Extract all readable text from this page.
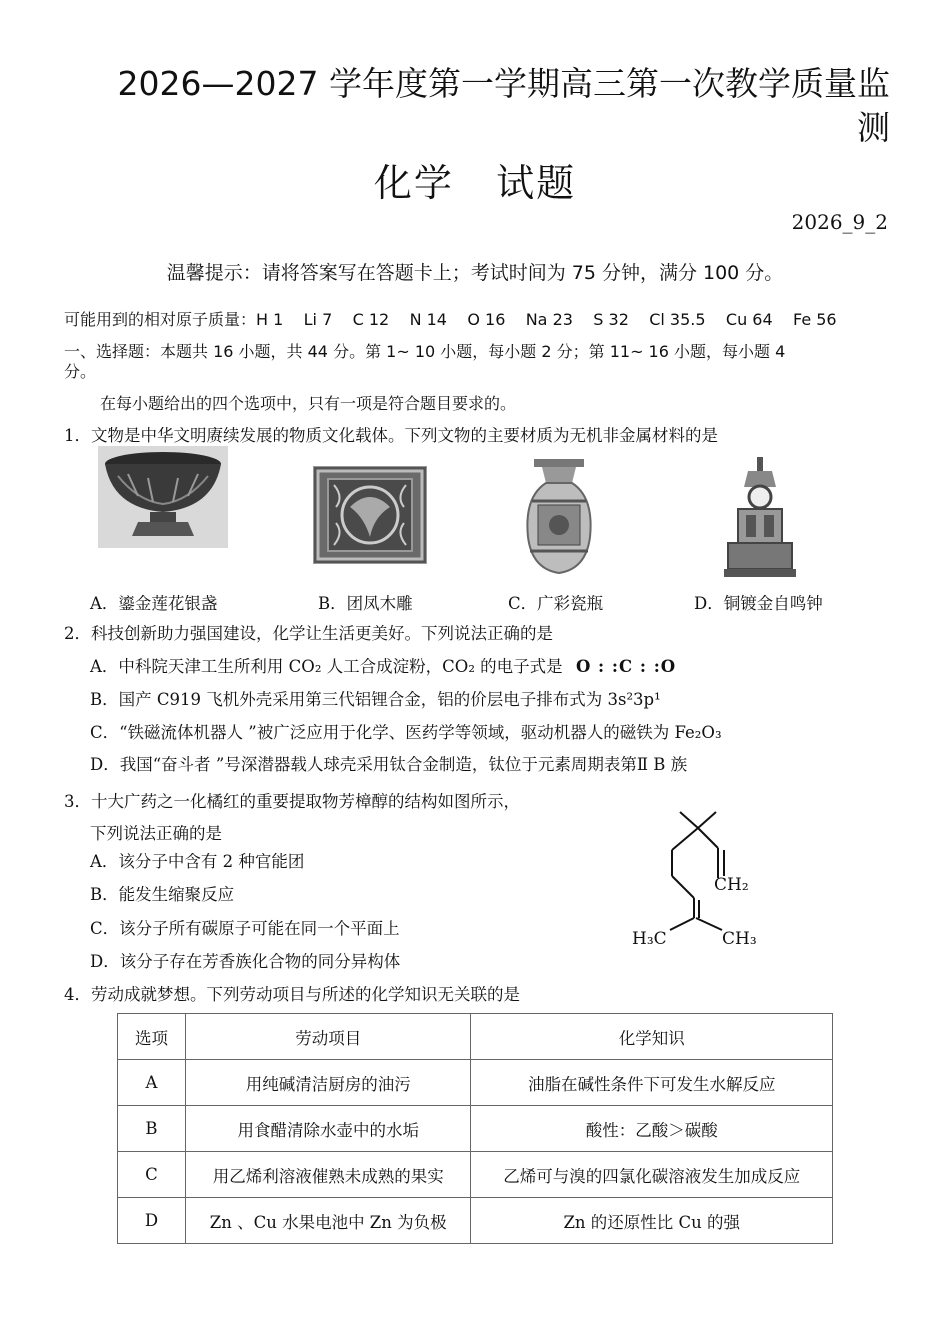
2026—2027 学年度第一学期高三第一次教学质量监
测
化学   试题
2026_9_2
温馨提示：请将答案写在答题卡上；考试时间为 75 分钟，满分 100 分。
可能用到的相对原子质量：H 1    Li 7    C 12    N 14    O 16    Na 23    S 32    Cl 35.5    Cu 64    Fe 56
一、选择题：本题共 16 小题，共 44 分。第 1~ 10 小题，每小题 2 分；第 11~ 16 小题，每小题 4
分。
在每小题给出的四个选项中，只有一项是符合题目要求的。
1．文物是中华文明赓续发展的物质文化载体。下列文物的主要材质为无机非金属材料的是
A．鎏金莲花银盏	B．团凤木雕	C．广彩瓷瓶	D．铜镀金自鸣钟
2．科技创新助力强国建设，化学让生活更美好。下列说法正确的是
A．中科院天津工生所利用 CO₂ 人工合成淀粉，CO₂ 的电子式是 O : :C : :O
B．国产 C919 飞机外壳采用第三代铝锂合金，铝的价层电子排布式为 3s²3p¹
C．“铁磁流体机器人 ”被广泛应用于化学、医药学等领域，驱动机器人的磁铁为 Fe₂O₃
D．我国“奋斗者 ”号深潜器载人球壳采用钛合金制造，钛位于元素周期表第Ⅱ B 族
3．十大广药之一化橘红的重要提取物芳樟醇的结构如图所示，
下列说法正确的是
A．该分子中含有 2 种官能团
B．能发生缩聚反应
C．该分子所有碳原子可能在同一个平面上
D．该分子存在芳香族化合物的同分异构体
CH₂
H₃C	CH₃
4．劳动成就梦想。下列劳动项目与所述的化学知识无关联的是
选项	劳动项目	化学知识
A	用纯碱清洁厨房的油污	油脂在碱性条件下可发生水解反应
B	用食醋清除水壶中的水垢	酸性：乙酸＞碳酸
C	用乙烯利溶液催熟未成熟的果实	乙烯可与溴的四氯化碳溶液发生加成反应
D	Zn 、Cu 水果电池中 Zn 为负极	Zn 的还原性比 Cu 的强
